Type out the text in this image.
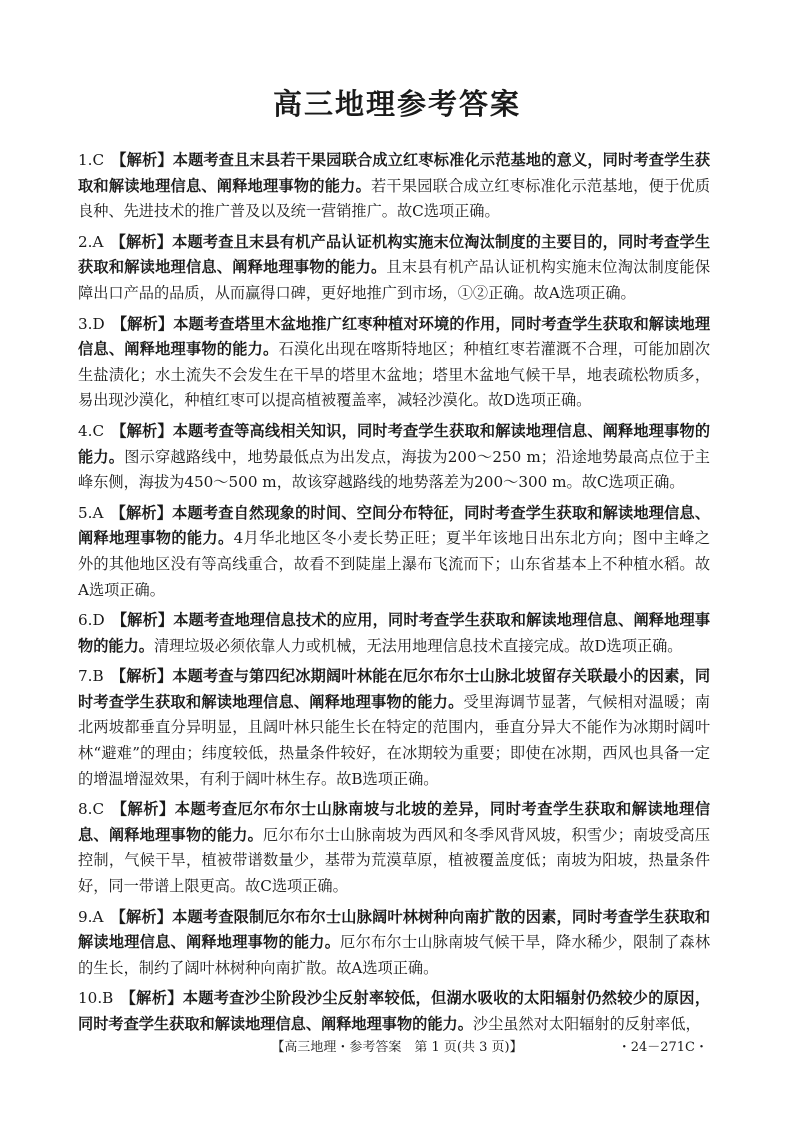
高三地理参考答案

1.C 【解析】本题考查且末县若干果园联合成立红枣标准化示范基地的意义，同时考查学生获取和解读地理信息、阐释地理事物的能力。若干果园联合成立红枣标准化示范基地，便于优质良种、先进技术的推广普及以及统一营销推广。故C选项正确。

2.A 【解析】本题考查且末县有机产品认证机构实施末位淘汰制度的主要目的，同时考查学生获取和解读地理信息、阐释地理事物的能力。且末县有机产品认证机构实施末位淘汰制度能保障出口产品的品质，从而赢得口碑，更好地推广到市场，①②正确。故A选项正确。

3.D 【解析】本题考查塔里木盆地推广红枣种植对环境的作用，同时考查学生获取和解读地理信息、阐释地理事物的能力。石漠化出现在喀斯特地区；种植红枣若灌溉不合理，可能加剧次生盐渍化；水土流失不会发生在干旱的塔里木盆地；塔里木盆地气候干旱，地表疏松物质多，易出现沙漠化，种植红枣可以提高植被覆盖率，减轻沙漠化。故D选项正确。

4.C 【解析】本题考查等高线相关知识，同时考查学生获取和解读地理信息、阐释地理事物的能力。图示穿越路线中，地势最低点为出发点，海拔为200～250 m；沿途地势最高点位于主峰东侧，海拔为450～500 m，故该穿越路线的地势落差为200～300 m。故C选项正确。

5.A 【解析】本题考查自然现象的时间、空间分布特征，同时考查学生获取和解读地理信息、阐释地理事物的能力。4月华北地区冬小麦长势正旺；夏半年该地日出东北方向；图中主峰之外的其他地区没有等高线重合，故看不到陡崖上瀑布飞流而下；山东省基本上不种植水稻。故A选项正确。

6.D 【解析】本题考查地理信息技术的应用，同时考查学生获取和解读地理信息、阐释地理事物的能力。清理垃圾必须依靠人力或机械，无法用地理信息技术直接完成。故D选项正确。

7.B 【解析】本题考查与第四纪冰期阔叶林能在厄尔布尔士山脉北坡留存关联最小的因素，同时考查学生获取和解读地理信息、阐释地理事物的能力。受里海调节显著，气候相对温暖；南北两坡都垂直分异明显，且阔叶林只能生长在特定的范围内，垂直分异大不能作为冰期时阔叶林“避难”的理由；纬度较低，热量条件较好，在冰期较为重要；即使在冰期，西风也具备一定的增温增湿效果，有利于阔叶林生存。故B选项正确。

8.C 【解析】本题考查厄尔布尔士山脉南坡与北坡的差异，同时考查学生获取和解读地理信息、阐释地理事物的能力。厄尔布尔士山脉南坡为西风和冬季风背风坡，积雪少；南坡受高压控制，气候干旱，植被带谱数量少，基带为荒漠草原，植被覆盖度低；南坡为阳坡，热量条件好，同一带谱上限更高。故C选项正确。

9.A 【解析】本题考查限制厄尔布尔士山脉阔叶林树种向南扩散的因素，同时考查学生获取和解读地理信息、阐释地理事物的能力。厄尔布尔士山脉南坡气候干旱，降水稀少，限制了森林的生长，制约了阔叶林树种向南扩散。故A选项正确。

10.B 【解析】本题考查沙尘阶段沙尘反射率较低，但湖水吸收的太阳辐射仍然较少的原因，同时考查学生获取和解读地理信息、阐释地理事物的能力。沙尘虽然对太阳辐射的反射率低，

【高三地理・参考答案　第 1 页(共 3 页)】	・24－271C・
